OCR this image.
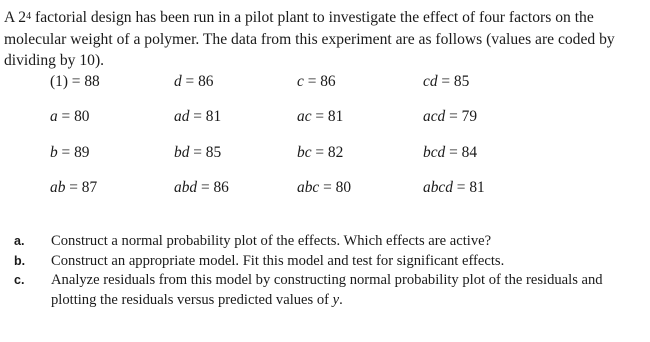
A $2^4$ factorial design has been run in a pilot plant to investigate the effect of four factors on the molecular weight of a polymer. The data from this experiment are as follows (values are coded by dividing by 10).

(1) = 88	d = 86	c = 86	cd = 85
a = 80	ad = 81	ac = 81	acd = 79
b = 89	bd = 85	bc = 82	bcd = 84
ab = 87	abd = 86	abc = 80	abcd = 81
a. Construct a normal probability plot of the effects. Which effects are active?
b. Construct an appropriate model. Fit this model and test for significant effects.
c. Analyze residuals from this model by constructing normal probability plot of the residuals and plotting the residuals versus predicted values of y.
